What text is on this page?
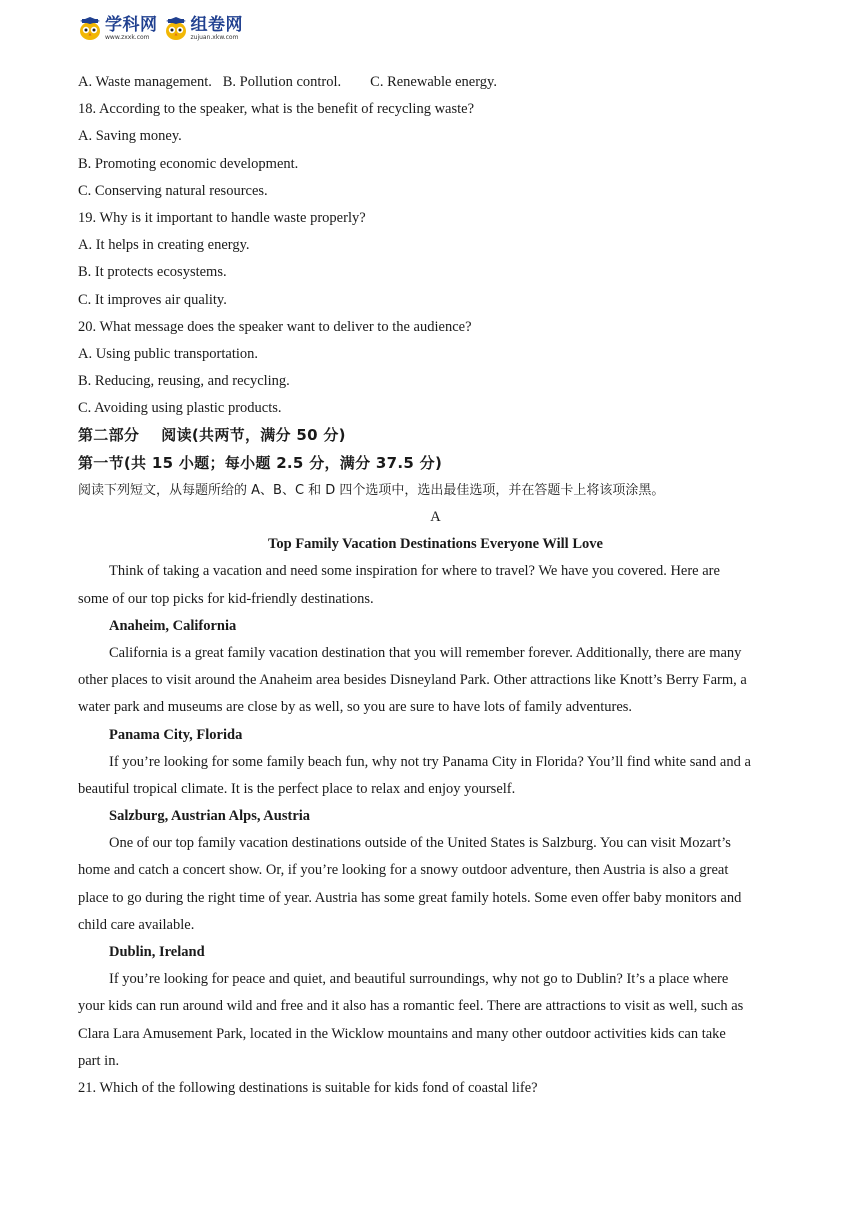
学科网
www.zxxk.com
组卷网
zujuan.xkw.com
A. Waste management.   B. Pollution control.        C. Renewable energy.
18. According to the speaker, what is the benefit of recycling waste?
A. Saving money.
B. Promoting economic development.
C. Conserving natural resources.
19. Why is it important to handle waste properly?
A. It helps in creating energy.
B. It protects ecosystems.
C. It improves air quality.
20. What message does the speaker want to deliver to the audience?
A. Using public transportation.
B. Reducing, reusing, and recycling.
C. Avoiding using plastic products.
第二部分    阅读(共两节，满分 50 分)
第一节(共 15 小题；每小题 2.5 分，满分 37.5 分)
阅读下列短文，从每题所给的 A、B、C 和 D 四个选项中，选出最佳选项，并在答题卡上将该项涂黑。
A
Top Family Vacation Destinations Everyone Will Love
Think of taking a vacation and need some inspiration for where to travel? We have you covered. Here are
some of our top picks for kid-friendly destinations.
Anaheim, California
California is a great family vacation destination that you will remember forever. Additionally, there are many
other places to visit around the Anaheim area besides Disneyland Park. Other attractions like Knott’s Berry Farm, a
water park and museums are close by as well, so you are sure to have lots of family adventures.
Panama City, Florida
If you’re looking for some family beach fun, why not try Panama City in Florida? You’ll find white sand and a
beautiful tropical climate. It is the perfect place to relax and enjoy yourself.
Salzburg, Austrian Alps, Austria
One of our top family vacation destinations outside of the United States is Salzburg. You can visit Mozart’s
home and catch a concert show. Or, if you’re looking for a snowy outdoor adventure, then Austria is also a great
place to go during the right time of year. Austria has some great family hotels. Some even offer baby monitors and
child care available.
Dublin, Ireland
If you’re looking for peace and quiet, and beautiful surroundings, why not go to Dublin? It’s a place where
your kids can run around wild and free and it also has a romantic feel. There are attractions to visit as well, such as
Clara Lara Amusement Park, located in the Wicklow mountains and many other outdoor activities kids can take
part in.
21. Which of the following destinations is suitable for kids fond of coastal life?
